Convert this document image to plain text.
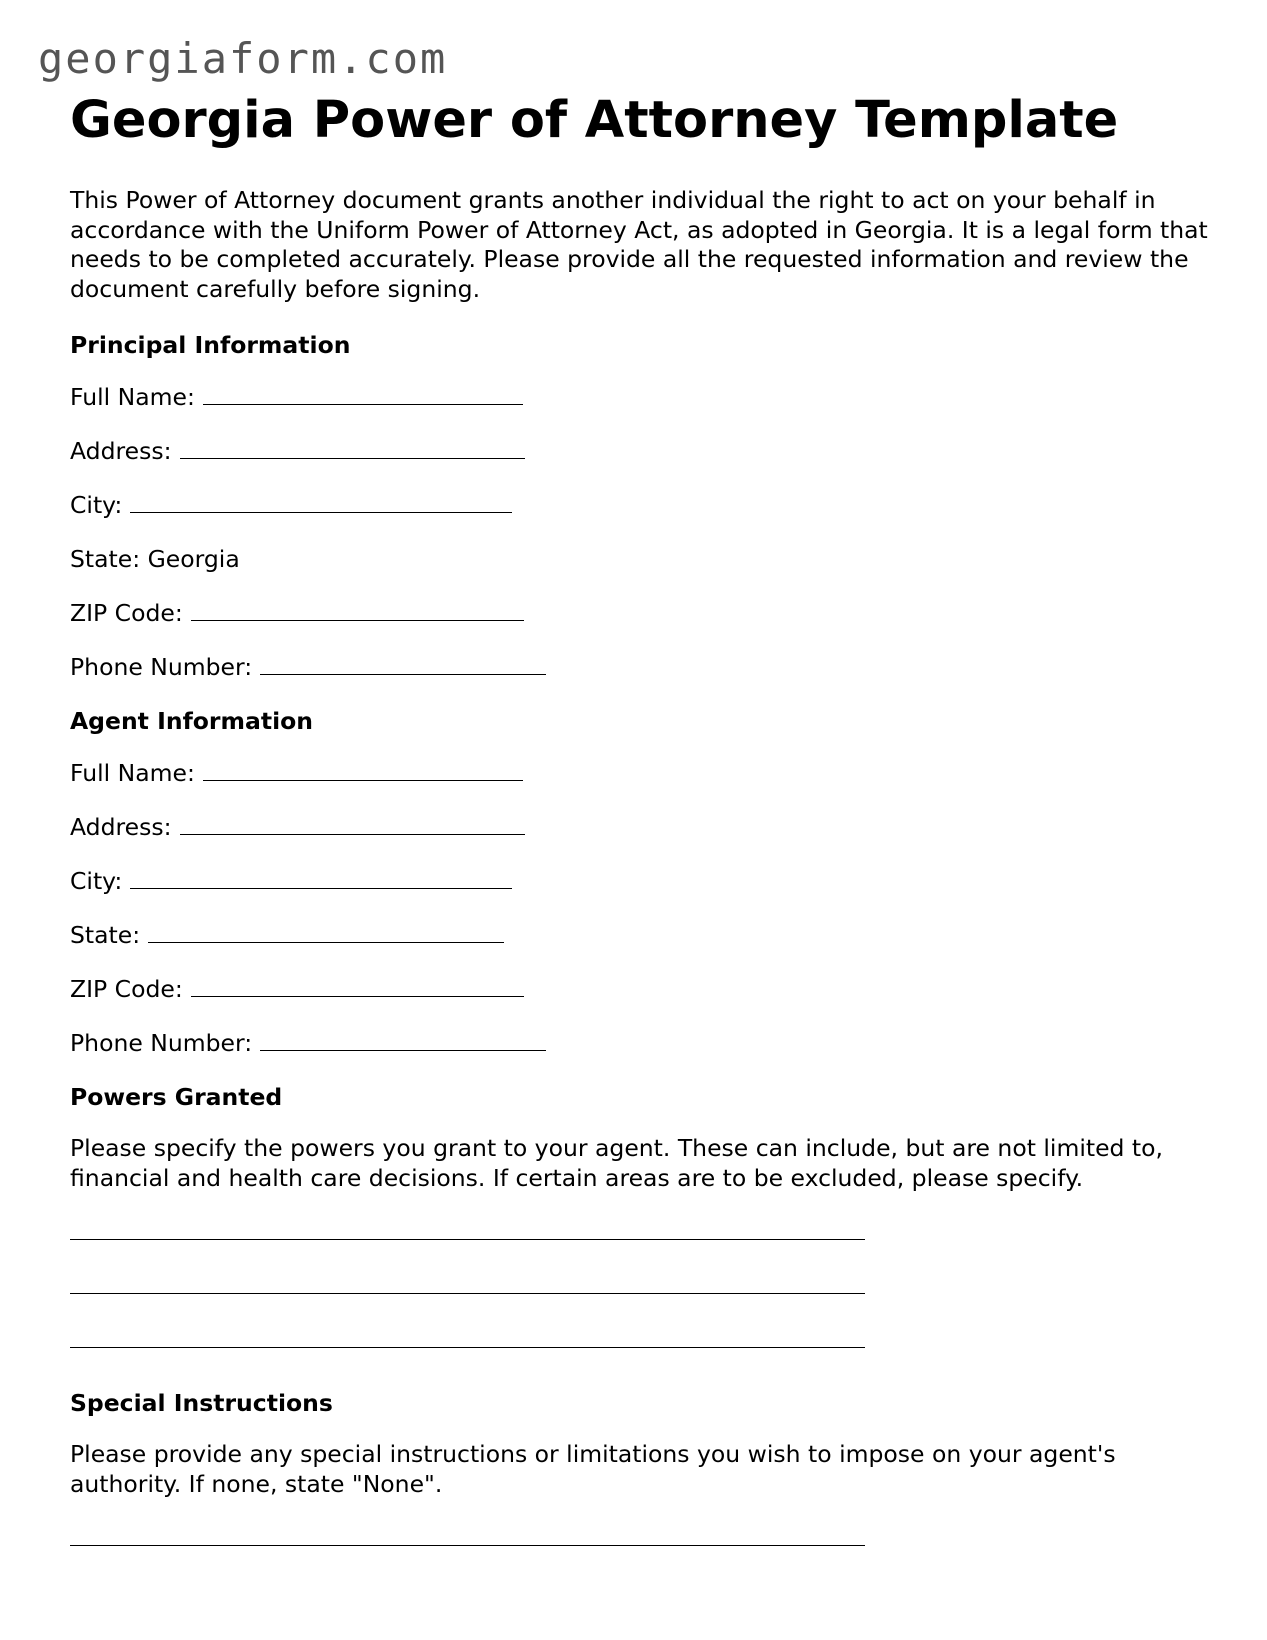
georgiaform.com
Georgia Power of Attorney Template

This Power of Attorney document grants another individual the right to act on your behalf in accordance with the Uniform Power of Attorney Act, as adopted in Georgia. It is a legal form that needs to be completed accurately. Please provide all the requested information and review the document carefully before signing.

Principal Information
Full Name:
Address:
City:
State: Georgia
ZIP Code:
Phone Number:
Agent Information
Full Name:
Address:
City:
State:
ZIP Code:
Phone Number:
Powers Granted

Please specify the powers you grant to your agent. These can include, but are not limited to, financial and health care decisions. If certain areas are to be excluded, please specify.

Special Instructions

Please provide any special instructions or limitations you wish to impose on your agent's authority. If none, state "None".
